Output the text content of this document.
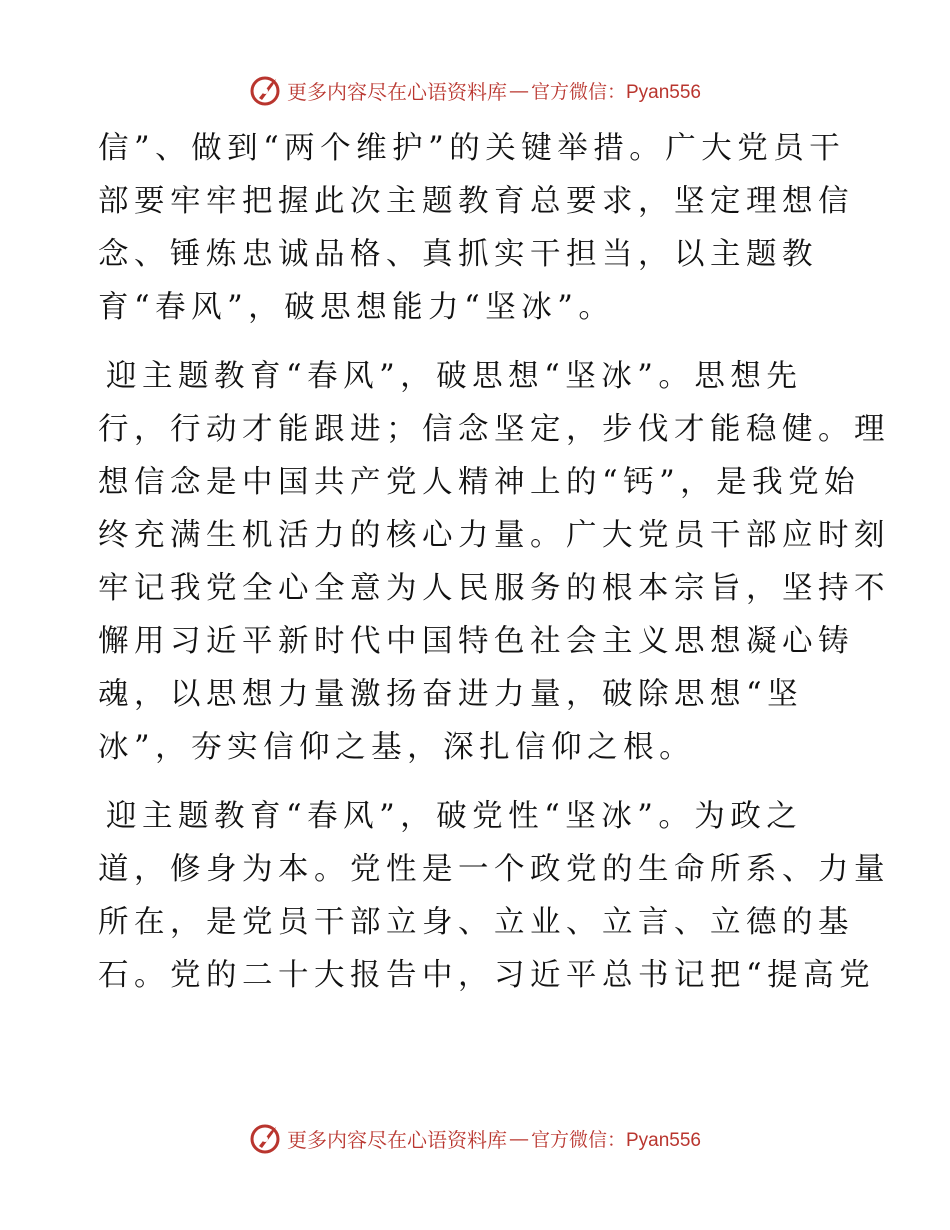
更多内容尽在心语资料库 — 官方微信：Pyan556

信”、做到“两个维护”的关键举措。广大党员干
部要牢牢把握此次主题教育总要求，坚定理想信
念、锤炼忠诚品格、真抓实干担当，以主题教
育“春风”，破思想能力“坚冰”。

迎主题教育“春风”，破思想“坚冰”。思想先
行，行动才能跟进；信念坚定，步伐才能稳健。理
想信念是中国共产党人精神上的“钙”，是我党始
终充满生机活力的核心力量。广大党员干部应时刻
牢记我党全心全意为人民服务的根本宗旨，坚持不
懈用习近平新时代中国特色社会主义思想凝心铸
魂，以思想力量激扬奋进力量，破除思想“坚
冰”，夯实信仰之基，深扎信仰之根。

迎主题教育“春风”，破党性“坚冰”。为政之
道，修身为本。党性是一个政党的生命所系、力量
所在，是党员干部立身、立业、立言、立德的基
石。党的二十大报告中，习近平总书记把“提高党

更多内容尽在心语资料库 — 官方微信：Pyan556
